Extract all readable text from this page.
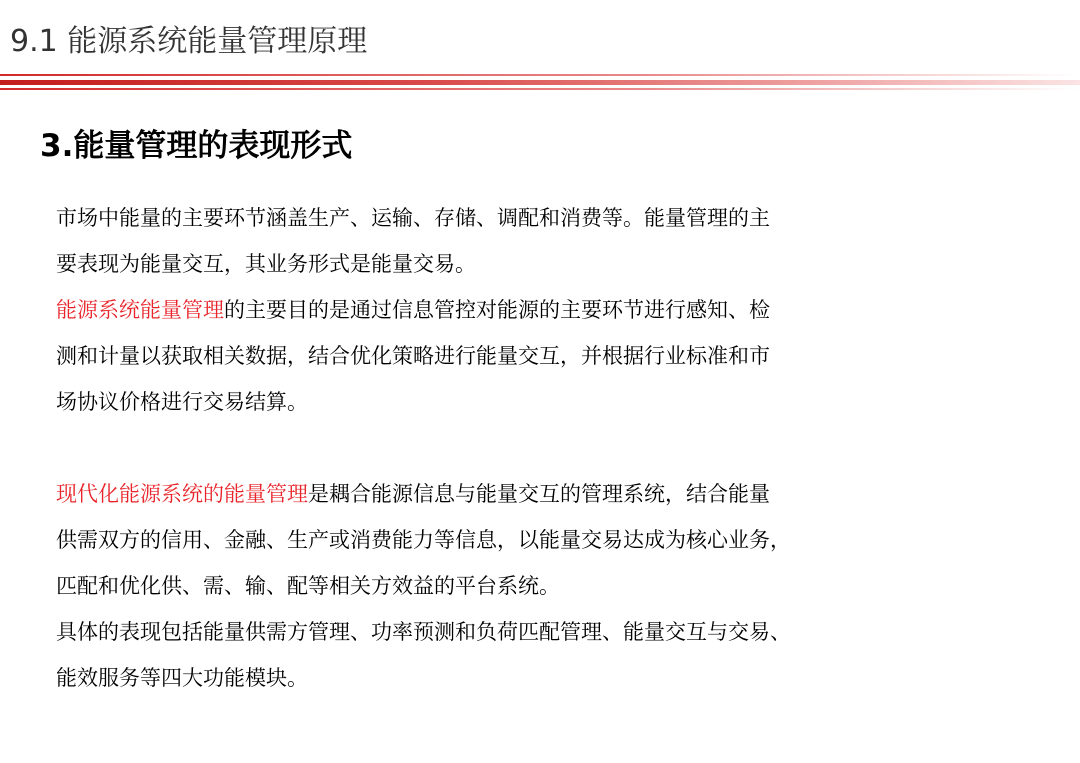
9.1 能源系统能量管理原理
3.能量管理的表现形式
市场中能量的主要环节涵盖生产、运输、存储、调配和消费等。能量管理的主
要表现为能量交互，其业务形式是能量交易。
能源系统能量管理的主要目的是通过信息管控对能源的主要环节进行感知、检
测和计量以获取相关数据，结合优化策略进行能量交互，并根据行业标准和市
场协议价格进行交易结算。
现代化能源系统的能量管理是耦合能源信息与能量交互的管理系统，结合能量
供需双方的信用、金融、生产或消费能力等信息，以能量交易达成为核心业务，
匹配和优化供、需、输、配等相关方效益的平台系统。
具体的表现包括能量供需方管理、功率预测和负荷匹配管理、能量交互与交易、
能效服务等四大功能模块。
